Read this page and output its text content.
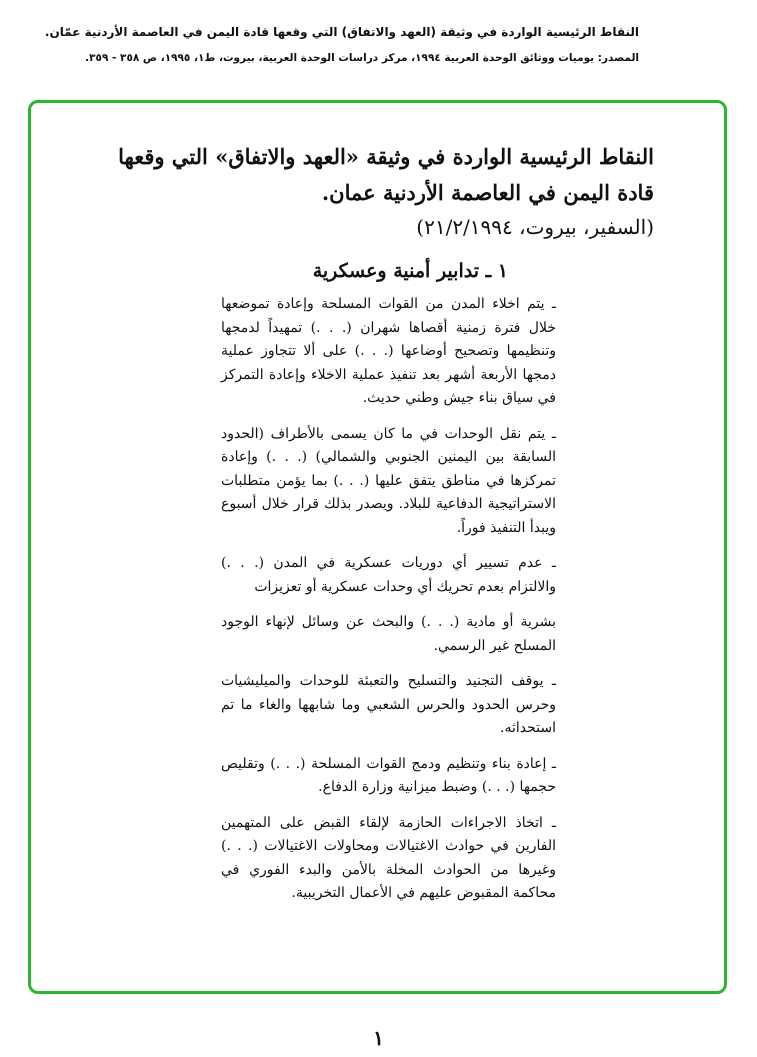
النقاط الرئيسية الواردة في وثيقة (العهد والاتفاق) التي وقعها قادة اليمن في العاصمة الأردنية عمّان.
المصدر: يوميات ووثائق الوحدة العربية ١٩٩٤، مركز دراسات الوحدة العربية، بيروت، ط١، ١٩٩٥، ص ٣٥٨ - ٣٥٩.
النقاط الرئيسية الواردة في وثيقة «العهد والاتفاق» التي وقعها قادة اليمن في العاصمة الأردنية عمان.
(السفير، بيروت، ٢١/٢/١٩٩٤)
١ ـ تدابير أمنية وعسكرية

ـ يتم اخلاء المدن من القوات المسلحة وإعادة تموضعها خلال فترة زمنية أقصاها شهران (. . .) تمهيداً لدمجها وتنظيمها وتصحيح أوضاعها (. . .) على ألا تتجاوز عملية دمجها الأربعة أشهر بعد تنفيذ عملية الاخلاء وإعادة التمركز في سياق بناء جيش وطني حديث.

ـ يتم نقل الوحدات في ما كان يسمى بالأطراف (الحدود السابقة بين اليمنين الجنوبي والشمالي) (. . .) وإعادة تمركزها في مناطق يتفق عليها (. . .) بما يؤمن متطلبات الاستراتيجية الدفاعية للبلاد. ويصدر بذلك قرار خلال أسبوع ويبدأ التنفيذ فوراً.

ـ عدم تسيير أي دوريات عسكرية في المدن (. . .) والالتزام بعدم تحريك أي وحدات عسكرية أو تعزيزات

بشرية أو مادية (. . .) والبحث عن وسائل لإنهاء الوجود المسلح غير الرسمي.

ـ يوقف التجنيد والتسليح والتعبئة للوحدات والميليشيات وحرس الحدود والحرس الشعبي وما شابهها والغاء ما تم استحداثه.

ـ إعادة بناء وتنظيم ودمج القوات المسلحة (. . .) وتقليص حجمها (. . .) وضبط ميزانية وزارة الدفاع.

ـ اتخاذ الاجراءات الحازمة لإلقاء القبض على المتهمين الفارين في حوادث الاغتيالات ومحاولات الاغتيالات (. . .) وغيرها من الحوادث المخلة بالأمن والبدء الفوري في محاكمة المقبوض عليهم في الأعمال التخريبية.

١
